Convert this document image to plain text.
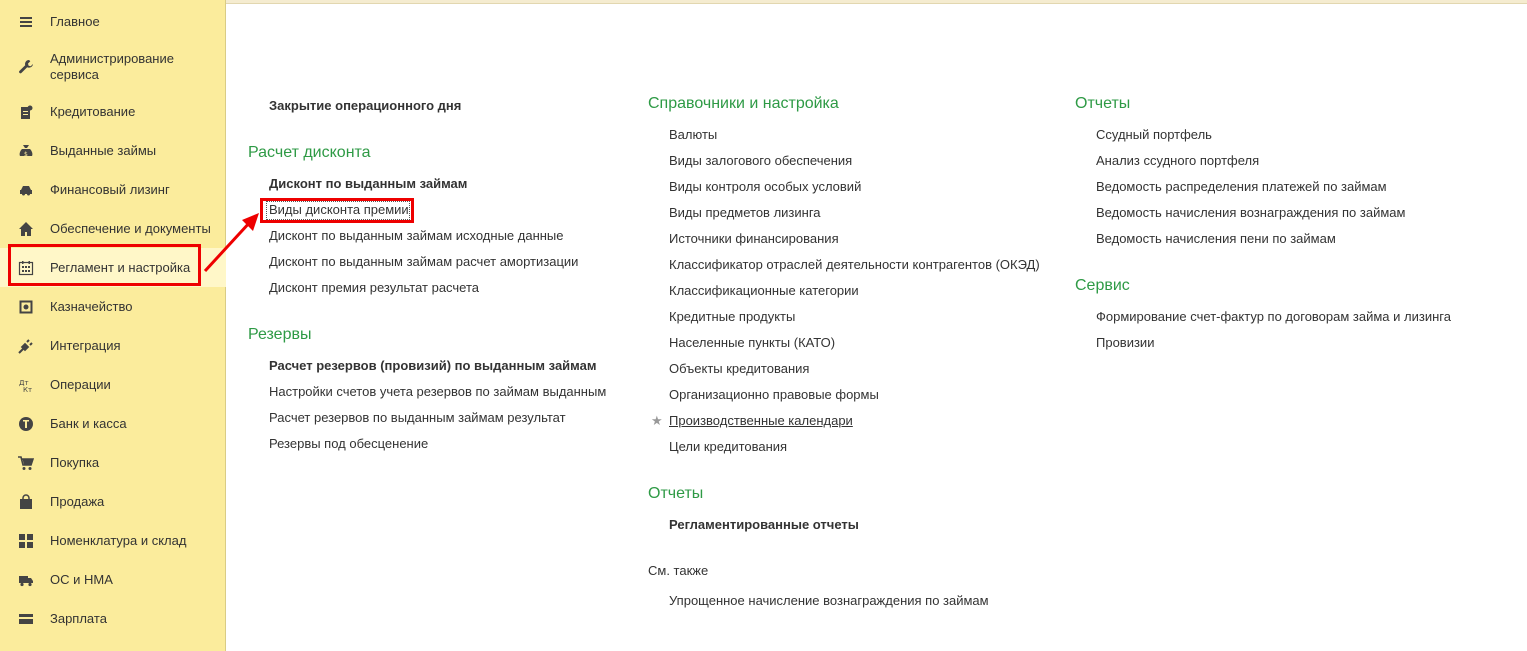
Главное
Администрирование сервиса
Кредитование
$ Выданные займы
Финансовый лизинг
Обеспечение и документы
Регламент и настройка
Казначейство
Интеграция
Дт
Кт Операции
Банк и касса
Покупка
Продажа
Номенклатура и склад
ОС и НМА
Зарплата
Закрытие операционного дня
Расчет дисконта
Дисконт по выданным займам
Виды дисконта премии
Дисконт по выданным займам исходные данные
Дисконт по выданным займам расчет амортизации
Дисконт премия результат расчета
Резервы
Расчет резервов (провизий) по выданным займам
Настройки счетов учета резервов по займам выданным
Расчет резервов по выданным займам результат
Резервы под обесценение
Справочники и настройка
Валюты
Виды залогового обеспечения
Виды контроля особых условий
Виды предметов лизинга
Источники финансирования
Классификатор отраслей деятельности контрагентов (ОКЭД)
Классификационные категории
Кредитные продукты
Населенные пункты (КАТО)
Объекты кредитования
Организационно правовые формы
★ Производственные календари
Цели кредитования
Отчеты
Регламентированные отчеты
См. также
Упрощенное начисление вознаграждения по займам
Отчеты
Ссудный портфель
Анализ ссудного портфеля
Ведомость распределения платежей по займам
Ведомость начисления вознаграждения по займам
Ведомость начисления пени по займам
Сервис
Формирование счет-фактур по договорам займа и лизинга
Провизии
